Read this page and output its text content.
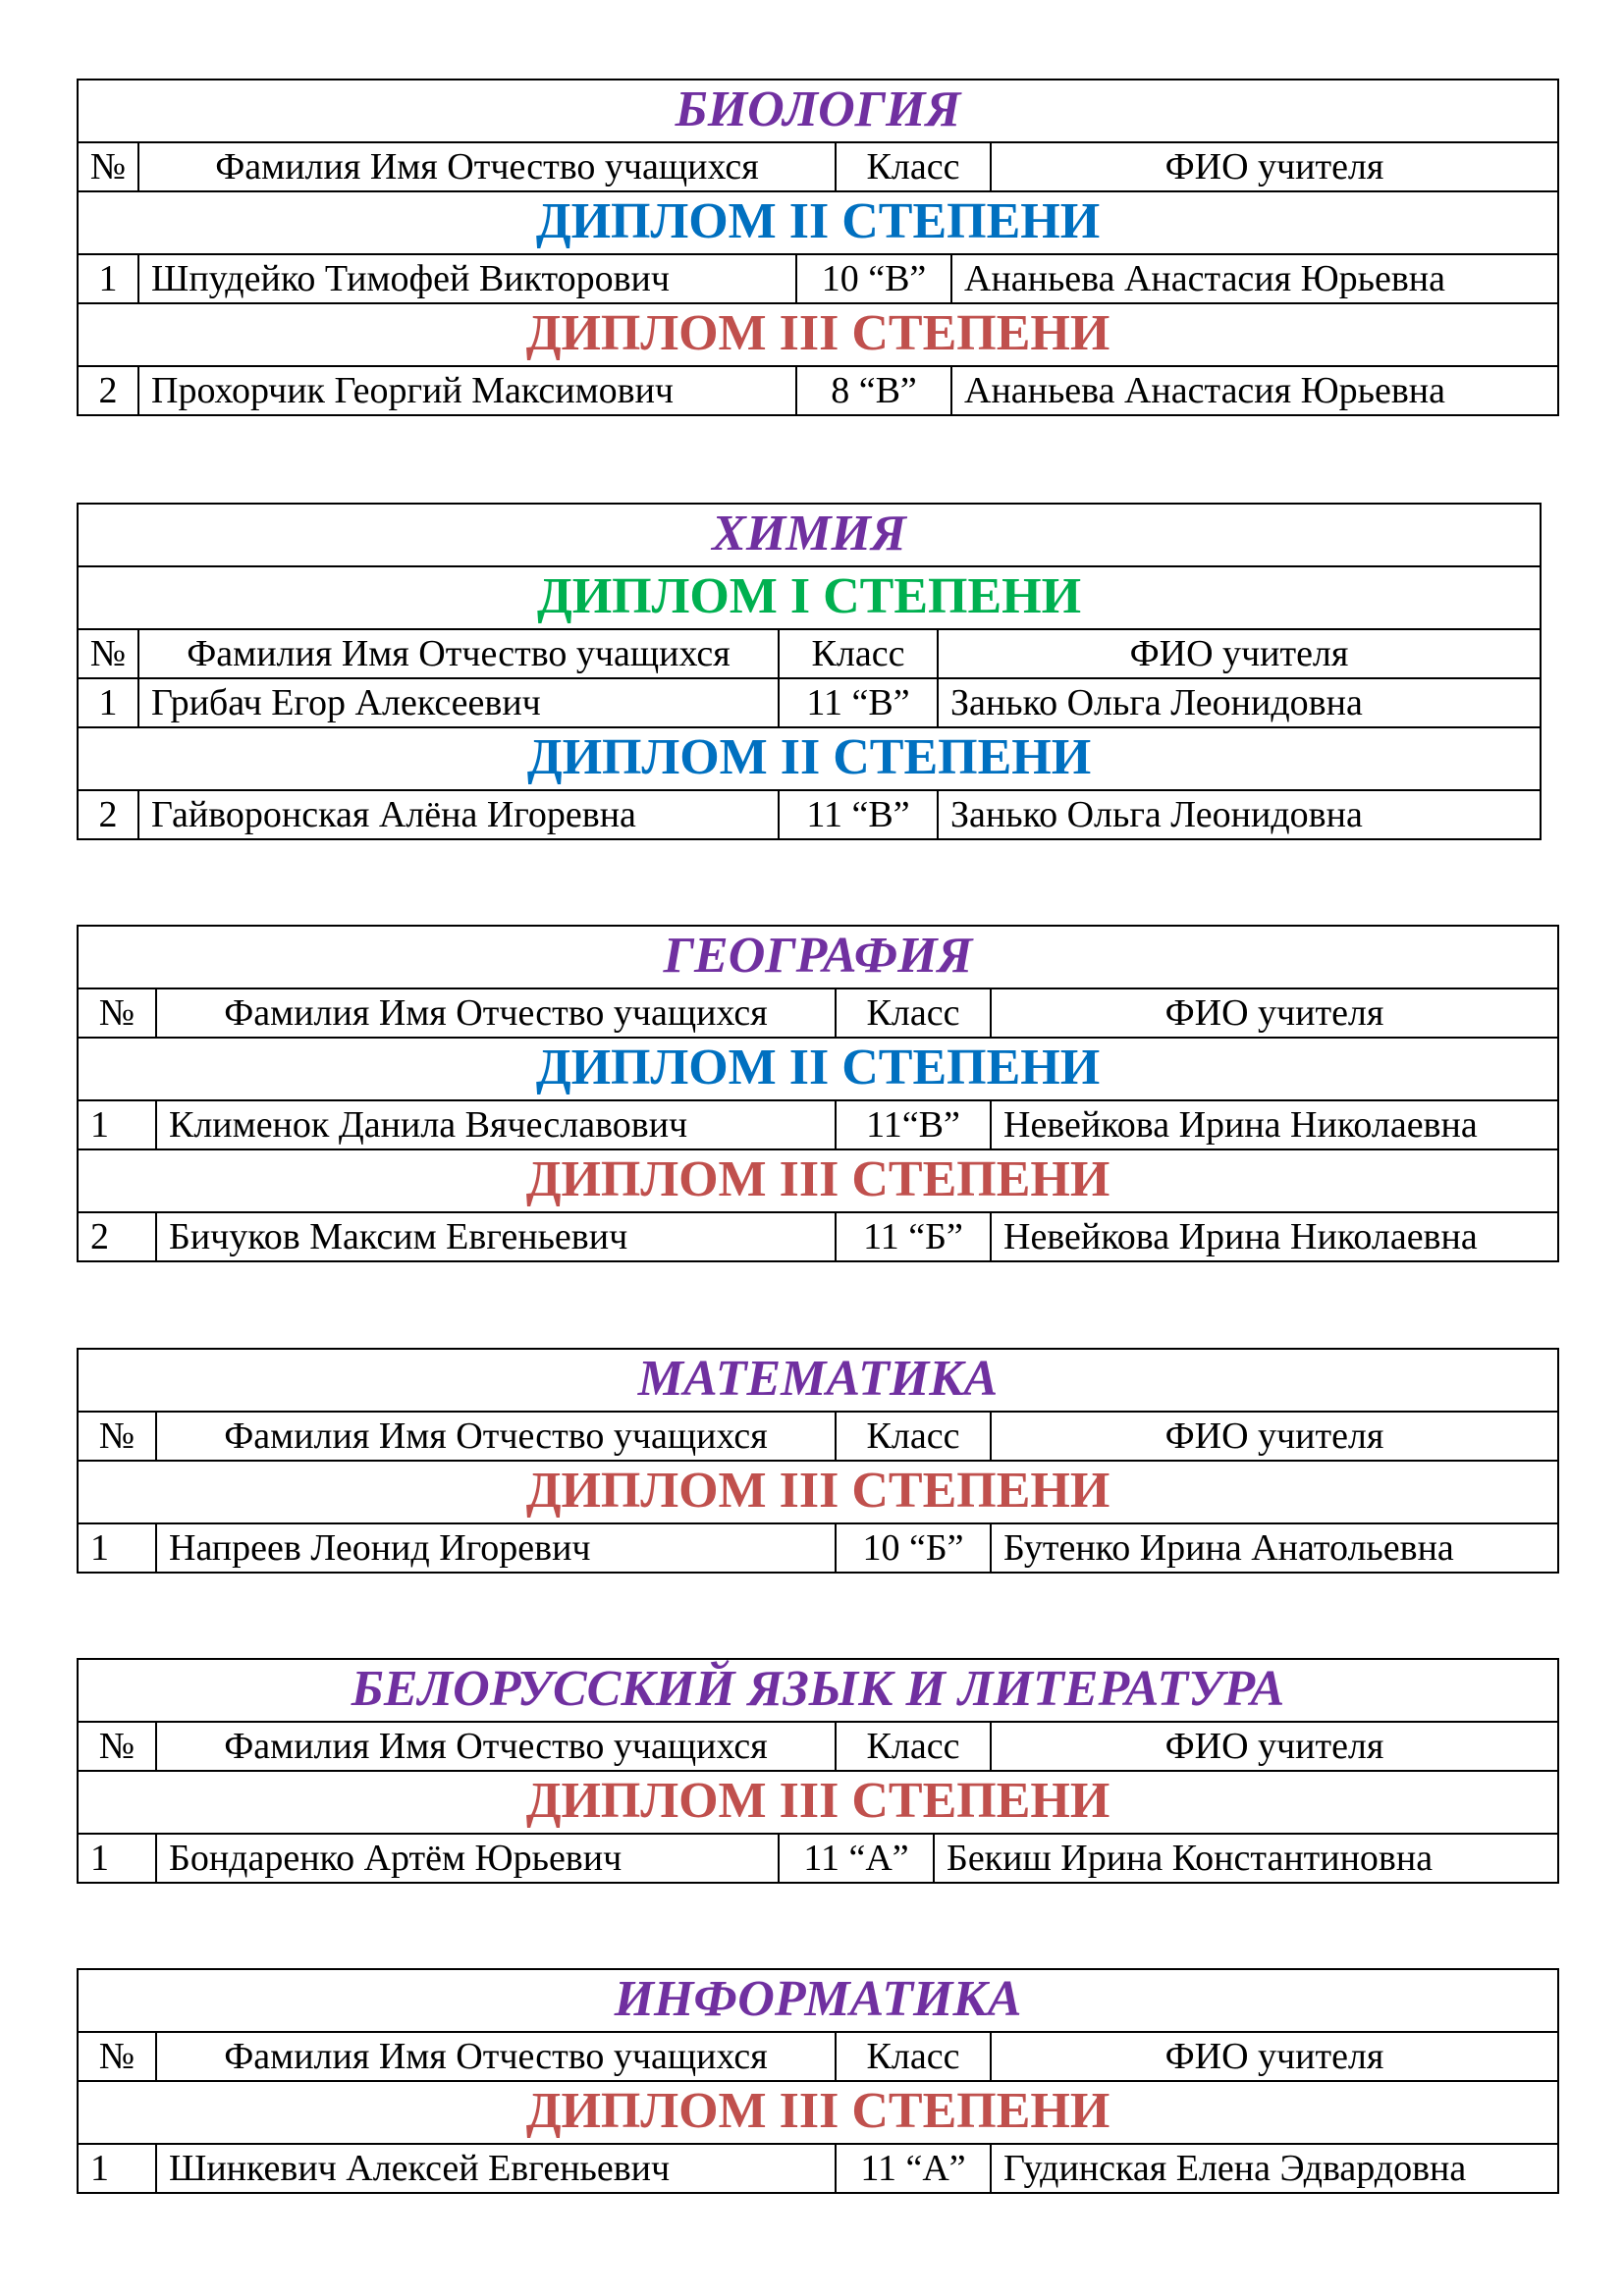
БИОЛОГИЯ
№	Фамилия Имя Отчество учащихся	Класс	ФИО учителя
ДИПЛОМ II СТЕПЕНИ
1 Шпудейко Тимофей Викторович	10 “В”	Ананьева Анастасия Юрьевна
ДИПЛОМ III СТЕПЕНИ
2 Прохорчик Георгий Максимович	8 “В”	Ананьева Анастасия Юрьевна
ХИМИЯ
ДИПЛОМ I СТЕПЕНИ
№	Фамилия Имя Отчество учащихся	Класс	ФИО учителя
1 Грибач Егор Алексеевич	11 “В”	Занько Ольга Леонидовна
ДИПЛОМ II СТЕПЕНИ
2 Гайворонская Алёна Игоревна	11 “В”	Занько Ольга Леонидовна
ГЕОГРАФИЯ
№	Фамилия Имя Отчество учащихся	Класс	ФИО учителя
ДИПЛОМ II СТЕПЕНИ
1	Клименок Данила Вячеславович	11“В”	Невейкова Ирина Николаевна
ДИПЛОМ III СТЕПЕНИ
2	Бичуков Максим Евгеньевич	11 “Б”	Невейкова Ирина Николаевна
МАТЕМАТИКА
№	Фамилия Имя Отчество учащихся	Класс	ФИО учителя
ДИПЛОМ III СТЕПЕНИ
1	Напреев Леонид Игоревич	10 “Б”	Бутенко Ирина Анатольевна
БЕЛОРУССКИЙ ЯЗЫК И ЛИТЕРАТУРА
№	Фамилия Имя Отчество учащихся	Класс	ФИО учителя
ДИПЛОМ III СТЕПЕНИ
1	Бондаренко Артём Юрьевич	11 “А”	Бекиш Ирина Константиновна
ИНФОРМАТИКА
№	Фамилия Имя Отчество учащихся	Класс	ФИО учителя
ДИПЛОМ III СТЕПЕНИ
1	Шинкевич Алексей Евгеньевич	11 “А”	Гудинская Елена Эдвардовна
